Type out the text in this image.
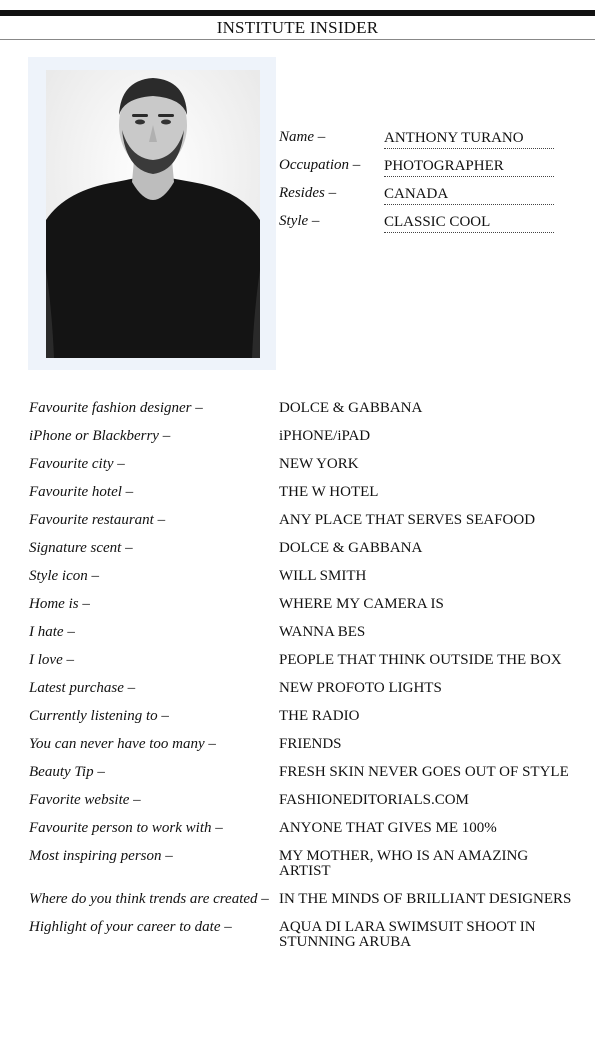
INSTITUTE INSIDER
Name –	ANTHONY TURANO
Occupation – PHOTOGRAPHER
Resides –	CANADA
Style –	CLASSIC COOL
Favourite fashion designer –	DOLCE & GABBANA
iPhone or Blackberry –	iPHONE/iPAD
Favourite city –	NEW YORK
Favourite hotel –	THE W HOTEL
Favourite restaurant –	ANY PLACE THAT SERVES SEAFOOD
Signature scent –	DOLCE & GABBANA
Style icon –	WILL SMITH
Home is –	WHERE MY CAMERA IS
I hate –	WANNA BES
I love –	PEOPLE THAT THINK OUTSIDE THE BOX
Latest purchase –	NEW PROFOTO LIGHTS
Currently listening to –	THE RADIO
You can never have too many –	FRIENDS
Beauty Tip –	FRESH SKIN NEVER GOES OUT OF STYLE
Favorite website –	FASHIONEDITORIALS.COM
Favourite person to work with –	ANYONE THAT GIVES ME 100%
Most inspiring person –	MY MOTHER, WHO IS AN AMAZING ARTIST
Where do you think trends are created – IN THE MINDS OF BRILLIANT DESIGNERS
Highlight of your career to date –	AQUA DI LARA SWIMSUIT SHOOT IN STUNNING ARUBA
